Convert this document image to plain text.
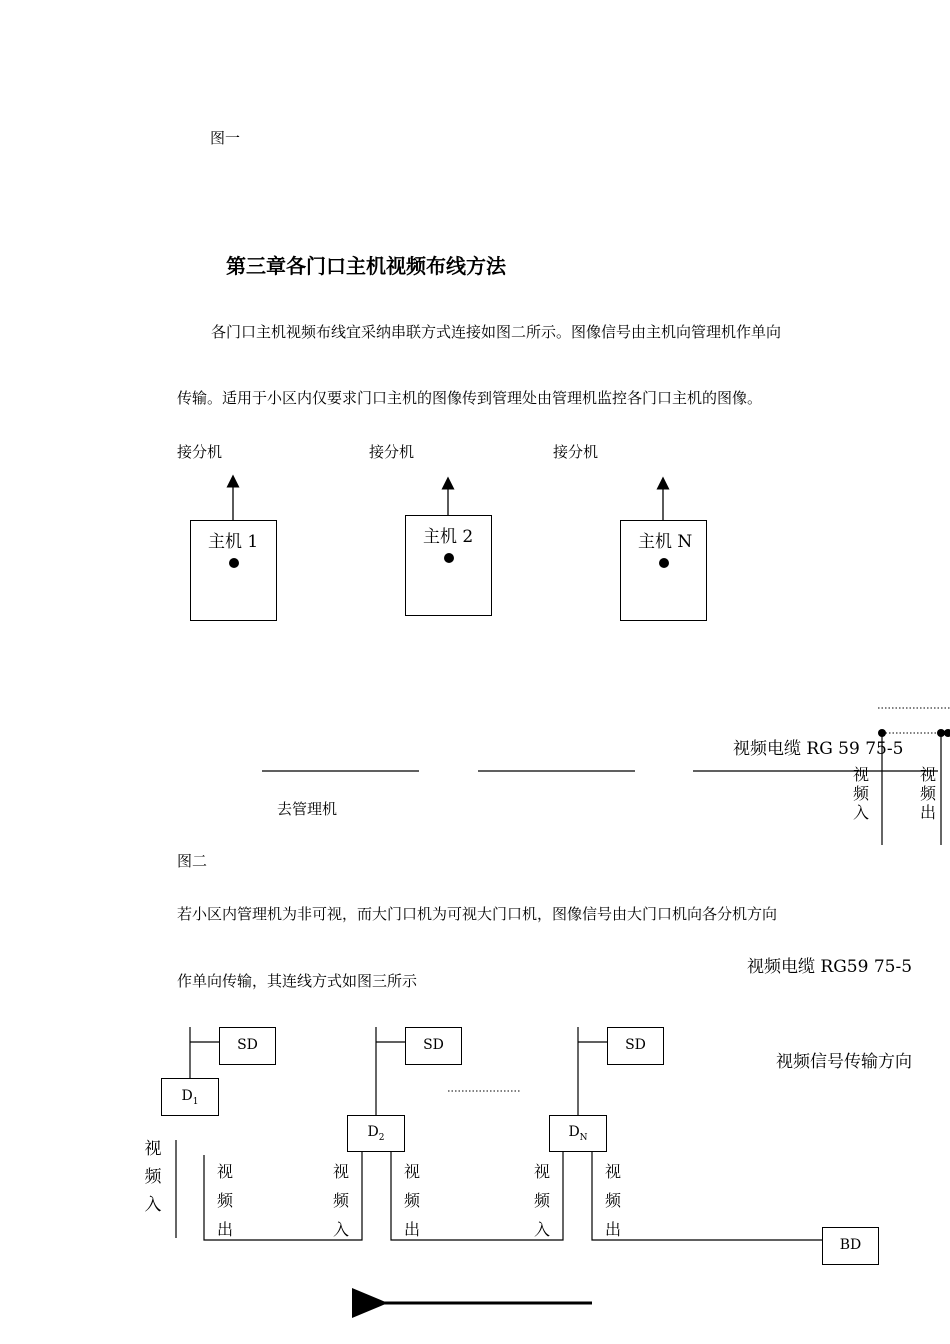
图一
第三章各门口主机视频布线方法
各门口主机视频布线宜采纳串联方式连接如图二所示。图像信号由主机向管理机作单向
传输。适用于小区内仅要求门口主机的图像传到管理处由管理机监控各门口主机的图像。
接分机	接分机	接分机
主机 1	主机 2	主机 N
视频电缆 RG 59 75-5
视频入
视频出
去管理机
图二
若小区内管理机为非可视，而大门口机为可视大门口机，图像信号由大门口机向各分机方向
作单向传输，其连线方式如图三所示
视频电缆 RG59 75-5
视频信号传输方向
SD	SD	SD
$D_1$
$D_2$	$D_N$
BD
视频入
视频出
视频入
视频出
视频入
视频出
